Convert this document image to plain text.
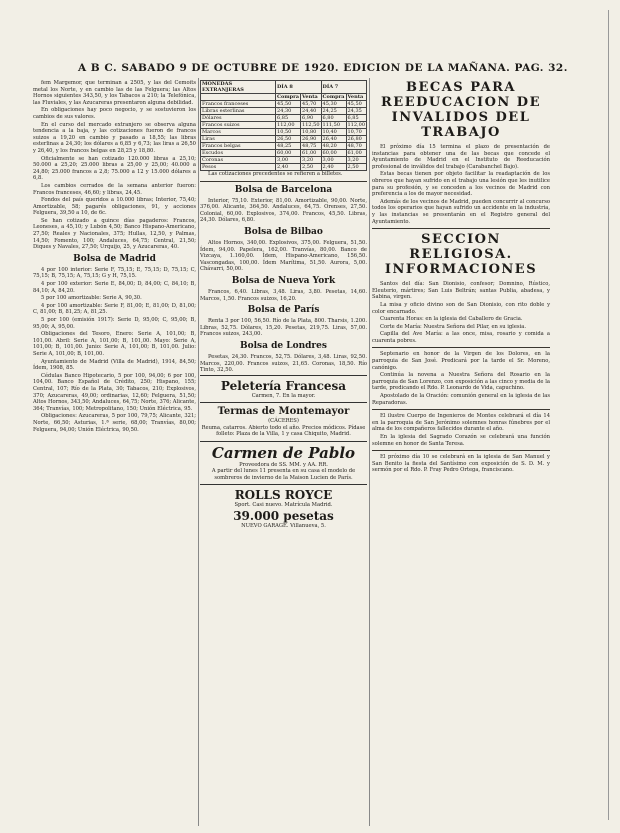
A B C. SABADO 9 DE OCTUBRE DE 1920. EDICION DE LA MAÑANA. PAG. 32.

fem Margemor, que terminan a 2505, y las del Cemoits metal los Norte, y en cambio las de las Felguera; las Altos Hornos siguientes 343,50, y los Tabacos a 210; la Telefónica, las Fluviales, y las Azucareras presentaron alguna debilidad.

En obligaciones hay poco negocio, y se sostuvieron los cambios de sus valores.

En el curso del mercado extranjero se observa alguna tendencia a la baja, y las cotizaciones fueron de francos suizos a 19,20 en cambio y pasado a 18,55; las libras esterlinas a 24,30; los dólares a 6,85 y 6,73; las liras a 26,50 y 26,40, y los francos belgas en 28,25 y 18,80.

Oficialmente se han cotizado 120.000 libras a 25,10; 50.000 a 25,20; 25.000 libras a 25,00 y 25,00; 40.000 a 24,80; 25.000 francos a 2,8; 75.000 a 12 y 15.000 dólares a 6,8.

Los cambios cerrados de la semana anterior fueron: Francos franceses, 46,60; y libras, 24,45.

Fondos del país queridos a 10.000 libras; Interior, 75,40; Amortizable, 58; pagarés obligaciones, 91, y acciones Felguera, 39,50 a 10, de 6c.

Se han cotizado a quince días pagaderos: Francos, Leoneses, a 45,10; y Lubón 4,50; Banco Hispano-Americano, 27,50; Reales y Nacionales, 375; Hullas, 12,50, y Palmas, 14,50; Fomento, 100; Andaluces, 64,75; Central, 21,50; Diques y Navales, 27,50; Urquijo, 25, y Azucareras, 40.

Bolsa de Madrid

4 por 100 interior: Serie F, 75,15; E, 75,15; D, 75,15; C, 75,15; B, 75,15; A, 75,15; G y H, 75,15.

4 por 100 exterior: Serie E, 84,00; D, 84,00; C, 84,10; B, 84,10; A, 84,20.

5 por 100 amortizable: Serie A, 90,30.

4 por 100 amortizable: Serie F, 81,00; E, 81,00; D, 81,00; C, 81,00; B, 81,25; A, 81,25.

5 por 100 (emisión 1917): Serie D, 95,00; C, 95,00; B, 95,00; A, 95,00.

Obligaciones del Tesoro, Enero: Serie A, 101,00; B, 101,00. Abril: Serie A, 101,00; B, 101,00. Mayo: Serie A, 101,00; B, 101,00. Junio: Serie A, 101,00; B, 101,00. Julio: Serie A, 101,00; B, 101,00.

Ayuntamiento de Madrid (Villa de Madrid), 1914, 84,50; Ídem, 1908, 85.

Cédulas Banco Hipotecario, 5 por 100, 94,00; 6 por 100, 104,00. Banco Español de Crédito, 250; Hispano, 155; Central, 107; Río de la Plata, 30; Tabacos, 210; Explosivos, 370; Azucareras, 49,00; ordinarias, 12,60; Felguera, 51,50; Altos Hornos, 343,50; Andaluces, 64,75; Norte, 376; Alicante, 364; Tranvías, 100; Metropolitano, 150; Unión Eléctrica, 95.

Obligaciones: Azucareras, 5 por 100, 79,75; Alicante, 321; Norte, 66,50; Asturias, 1.ª serie, 68,00; Tranvías, 80,00; Felguera, 94,00; Unión Eléctrica, 90,50.

MONEDAS EXTRANJERAS	DÍA 8		DÍA 7	
	Compra	Venta	Compra	Venta
Francos franceses	45,50	45,70	45,30	45,50
Libras esterlinas	24,30	24,40	24,25	24,35
Dólares	6,85	6,90	6,80	6,85
Francos suizos	112,00	112,50	111,50	112,00
Marcos	10,50	10,80	10,40	10,70
Liras	26,50	26,90	26,40	26,80
Francos belgas	48,25	48,75	48,20	48,70
Escudos	60,00	61,00	60,00	61,00
Coronas	3,00	3,20	3,00	3,20
Pesos	2,40	2,50	2,40	2,50

Las cotizaciones precedentes se refieren a billetes.

Bolsa de Barcelona

Interior, 75,10. Exterior, 81,00. Amortizable, 90,00. Norte, 376,00. Alicante, 364,50. Andaluces, 64,75. Orenses, 27,50. Colonial, 60,00. Explosivos, 374,00. Francos, 45,50. Libras, 24,30. Dólares, 6,80.

Bolsa de Bilbao

Altos Hornos, 340,00. Explosivos, 375,00. Felguera, 51,50. Ídem, 94,00. Papelera, 162,00. Tranvías, 80,00. Banco de Vizcaya, 1.160,00. Ídem, Hispano-Americano, 156,50. Vascongadas, 100,00. Ídem Marítima, 51,50. Aurora, 5,00. Chávarri, 50,00.

Bolsa de Nueva York

Francos, 6,40. Libras, 3,48. Liras, 3,80. Pesetas, 14,60. Marcos, 1,50. Francos suizos, 16,20.

Bolsa de París

Renta 3 por 100, 56,50. Río de la Plata, 800. Tharsis, 1.200. Libras, 52,75. Dólares, 15,20. Pesetas, 219,75. Liras, 57,00. Francos suizos, 243,00.

Bolsa de Londres

Pesetas, 24,30. Francos, 52,75. Dólares, 3,48. Liras, 92,50. Marcos, 220,00. Francos suizos, 21,65. Coronas, 18,50. Río Tinto, 32,50.

Peletería Francesa
Carmen, 7. En la mayor.
Termas de Montemayor
(CÁCERES)
Reuma, catarros. Abierto todo el año. Precios módicos. Pídase folleto: Plaza de la Villa, 1 y casa Chiquito, Madrid.
Carmen de Pablo
Proveedora de SS. MM. y AA. RR.
A partir del lunes 11 presenta en su casa el modelo de sombreros de invierno de la Maison Lucien de París.
ROLLS ROYCE
Sport. Casi nuevo. Matrícula Madrid.
39.000 pesetas
NUEVO GARAGE. Villanueva, 5.
BECAS PARA REEDUCACION DE INVALIDOS DEL TRABAJO

El próximo día 15 termina el plazo de presentación de instancias para obtener una de las becas que concede el Ayuntamiento de Madrid en el Instituto de Reeducación profesional de inválidos del trabajo (Carabanchel Bajo).

Estas becas tienen por objeto facilitar la readaptación de los obreros que hayan sufrido en el trabajo una lesión que les inutilice para su profesión, y se conceden a los vecinos de Madrid con preferencia a los de mayor necesidad.

Además de los vecinos de Madrid, pueden concurrir al concurso todos los operarios que hayan sufrido un accidente en la industria, y las instancias se presentarán en el Registro general del Ayuntamiento.

SECCION RELIGIOSA. INFORMACIONES

Santos del día: San Dionisio, confesor; Domnino, Rústico, Eleuterio, mártires; San Luis Beltrán; santas Publia, abadesa, y Sabina, virgen.

La misa y oficio divino son de San Dionisio, con rito doble y color encarnado.

Cuarenta Horas: en la iglesia del Caballero de Gracia.

Corte de María: Nuestra Señora del Pilar, en su iglesia.

Capilla del Ave María: a las once, misa, rosario y comida a cuarenta pobres.

Septenario en honor de la Virgen de los Dolores, en la parroquia de San José. Predicará por la tarde el Sr. Moreno, canónigo.

Continúa la novena a Nuestra Señora del Rosario en la parroquia de San Lorenzo, con exposición a las cinco y media de la tarde, predicando el Rdo. P. Leonardo de Vida, capuchino.

Apostolado de la Oración: comunión general en la iglesia de las Reparadoras.

El ilustre Cuerpo de Ingenieros de Montes celebrará el día 14 en la parroquia de San Jerónimo solemnes honras fúnebres por el alma de los compañeros fallecidos durante el año.

En la iglesia del Sagrado Corazón se celebrará una función solemne en honor de Santa Teresa.

El próximo día 10 se celebrará en la iglesia de San Manuel y San Benito la fiesta del Santísimo con exposición de S. D. M. y sermón por el Rdo. P. Fray Pedro Ortega, franciscano.
